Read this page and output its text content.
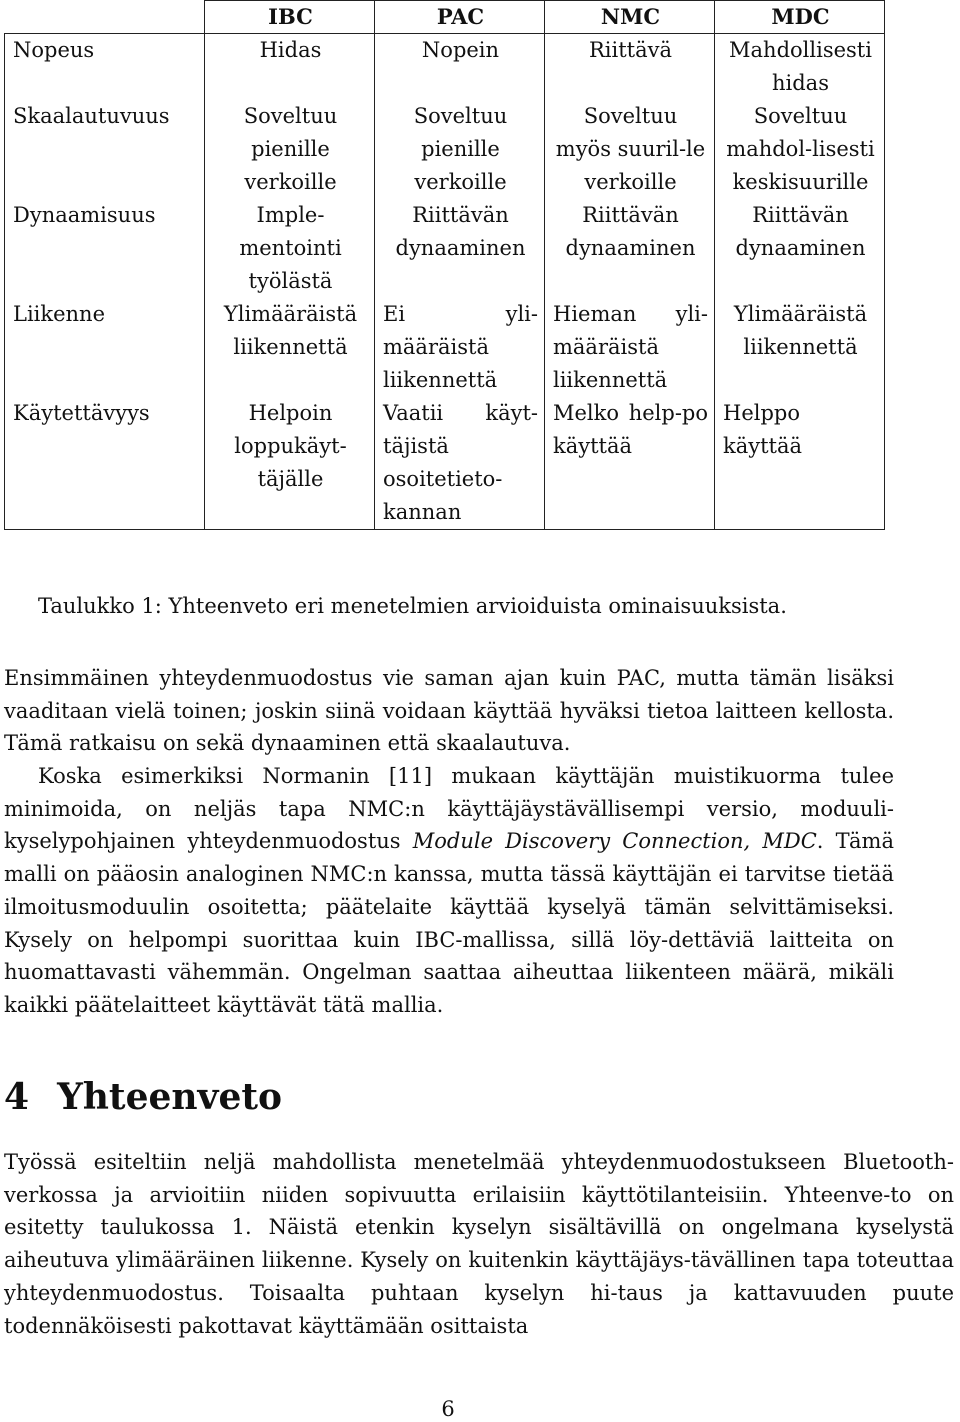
	IBC	PAC	NMC	MDC
Nopeus	Hidas	Nopein	Riittävä	Mahdollisesti hidas
Skaalautuvuus	Soveltuu pienille verkoille	Soveltuu pienille verkoille	Soveltuu myös suuril-le verkoille	Soveltuu mahdol-lisesti keskisuurille
Dynaamisuus	Imple-mentointi työlästä	Riittävän dynaaminen	Riittävän dynaaminen	Riittävän dynaaminen
Liikenne	Ylimääräistä liikennettä	Ei yli-määräistä liikennettä	Hieman yli-määräistä liikennettä	Ylimääräistä liikennettä
Käytettävyys	Helpoin loppukäyt-täjälle	Vaatii käyt-täjistä osoitetieto-kannan	Melko help-po käyttää	Helppo käyttää
Taulukko 1: Yhteenveto eri menetelmien arvioiduista ominaisuuksista.

Ensimmäinen yhteydenmuodostus vie saman ajan kuin PAC, mutta tämän lisäksi vaaditaan vielä toinen; joskin siinä voidaan käyttää hyväksi tietoa laitteen kellosta. Tämä ratkaisu on sekä dynaaminen että skaalautuva.

Koska esimerkiksi Normanin [11] mukaan käyttäjän muistikuorma tulee minimoida, on neljäs tapa NMC:n käyttäjäystävällisempi versio, moduuli-kyselypohjainen yhteydenmuodostus Module Discovery Connection, MDC. Tämä malli on pääosin analoginen NMC:n kanssa, mutta tässä käyttäjän ei tarvitse tietää ilmoitusmoduulin osoitetta; päätelaite käyttää kyselyä tämän selvittämiseksi. Kysely on helpompi suorittaa kuin IBC-mallissa, sillä löy-dettäviä laitteita on huomattavasti vähemmän. Ongelman saattaa aiheuttaa liikenteen määrä, mikäli kaikki päätelaitteet käyttävät tätä mallia.

4 Yhteenveto

Työssä esiteltiin neljä mahdollista menetelmää yhteydenmuodostukseen Bluetooth-verkossa ja arvioitiin niiden sopivuutta erilaisiin käyttötilanteisiin. Yhteenve-to on esitetty taulukossa 1. Näistä etenkin kyselyn sisältävillä on ongelmana kyselystä aiheutuva ylimääräinen liikenne. Kysely on kuitenkin käyttäjäys-tävällinen tapa toteuttaa yhteydenmuodostus. Toisaalta puhtaan kyselyn hi-taus ja kattavuuden puute todennäköisesti pakottavat käyttämään osittaista

6
